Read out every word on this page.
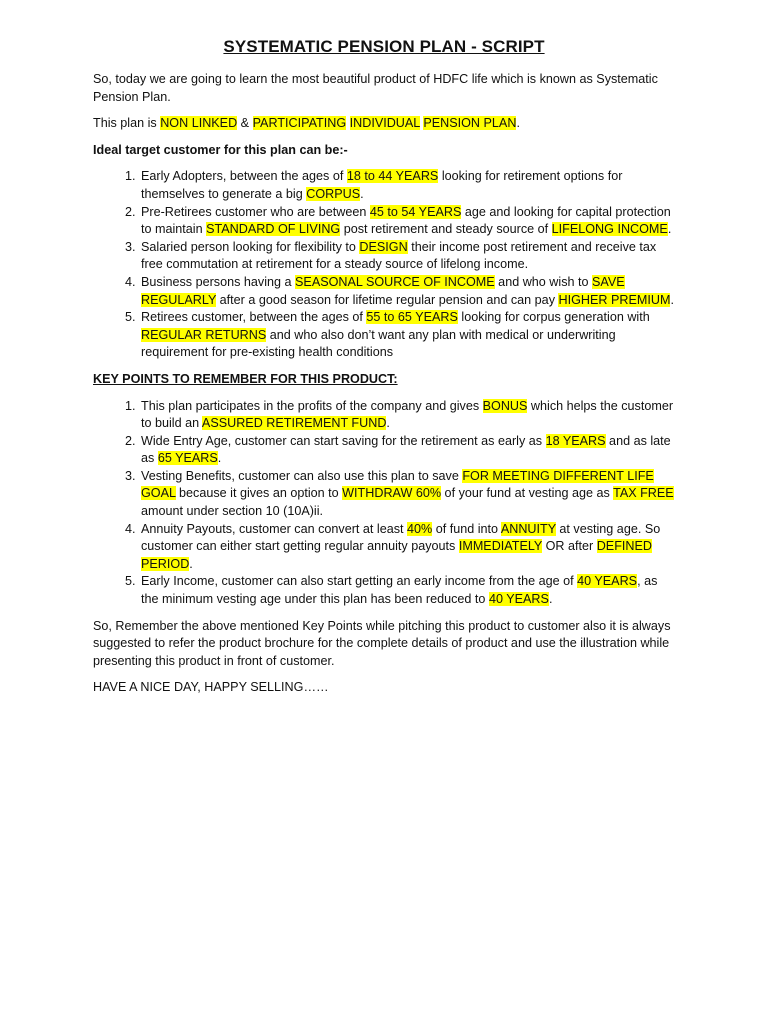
SYSTEMATIC PENSION PLAN - SCRIPT

So, today we are going to learn the most beautiful product of HDFC life which is known as Systematic Pension Plan.

This plan is NON LINKED & PARTICIPATING INDIVIDUAL PENSION PLAN.

Ideal target customer for this plan can be:-

1. Early Adopters, between the ages of 18 to 44 YEARS looking for retirement options for themselves to generate a big CORPUS.
2. Pre-Retirees customer who are between 45 to 54 YEARS age and looking for capital protection to maintain STANDARD OF LIVING post retirement and steady source of LIFELONG INCOME.
3. Salaried person looking for flexibility to DESIGN their income post retirement and receive tax free commutation at retirement for a steady source of lifelong income.
4. Business persons having a SEASONAL SOURCE OF INCOME and who wish to SAVE REGULARLY after a good season for lifetime regular pension and can pay HIGHER PREMIUM.
5. Retirees customer, between the ages of 55 to 65 YEARS looking for corpus generation with REGULAR RETURNS and who also don’t want any plan with medical or underwriting requirement for pre-existing health conditions

KEY POINTS TO REMEMBER FOR THIS PRODUCT:

1. This plan participates in the profits of the company and gives BONUS which helps the customer to build an ASSURED RETIREMENT FUND.
2. Wide Entry Age, customer can start saving for the retirement as early as 18 YEARS and as late as 65 YEARS.
3. Vesting Benefits, customer can also use this plan to save FOR MEETING DIFFERENT LIFE GOAL because it gives an option to WITHDRAW 60% of your fund at vesting age as TAX FREE amount under section 10 (10A)ii.
4. Annuity Payouts, customer can convert at least 40% of fund into ANNUITY at vesting age. So customer can either start getting regular annuity payouts IMMEDIATELY OR after DEFINED PERIOD.
5. Early Income, customer can also start getting an early income from the age of 40 YEARS, as the minimum vesting age under this plan has been reduced to 40 YEARS.

So, Remember the above mentioned Key Points while pitching this product to customer also it is always suggested to refer the product brochure for the complete details of product and use the illustration while presenting this product in front of customer.

HAVE A NICE DAY, HAPPY SELLING……
